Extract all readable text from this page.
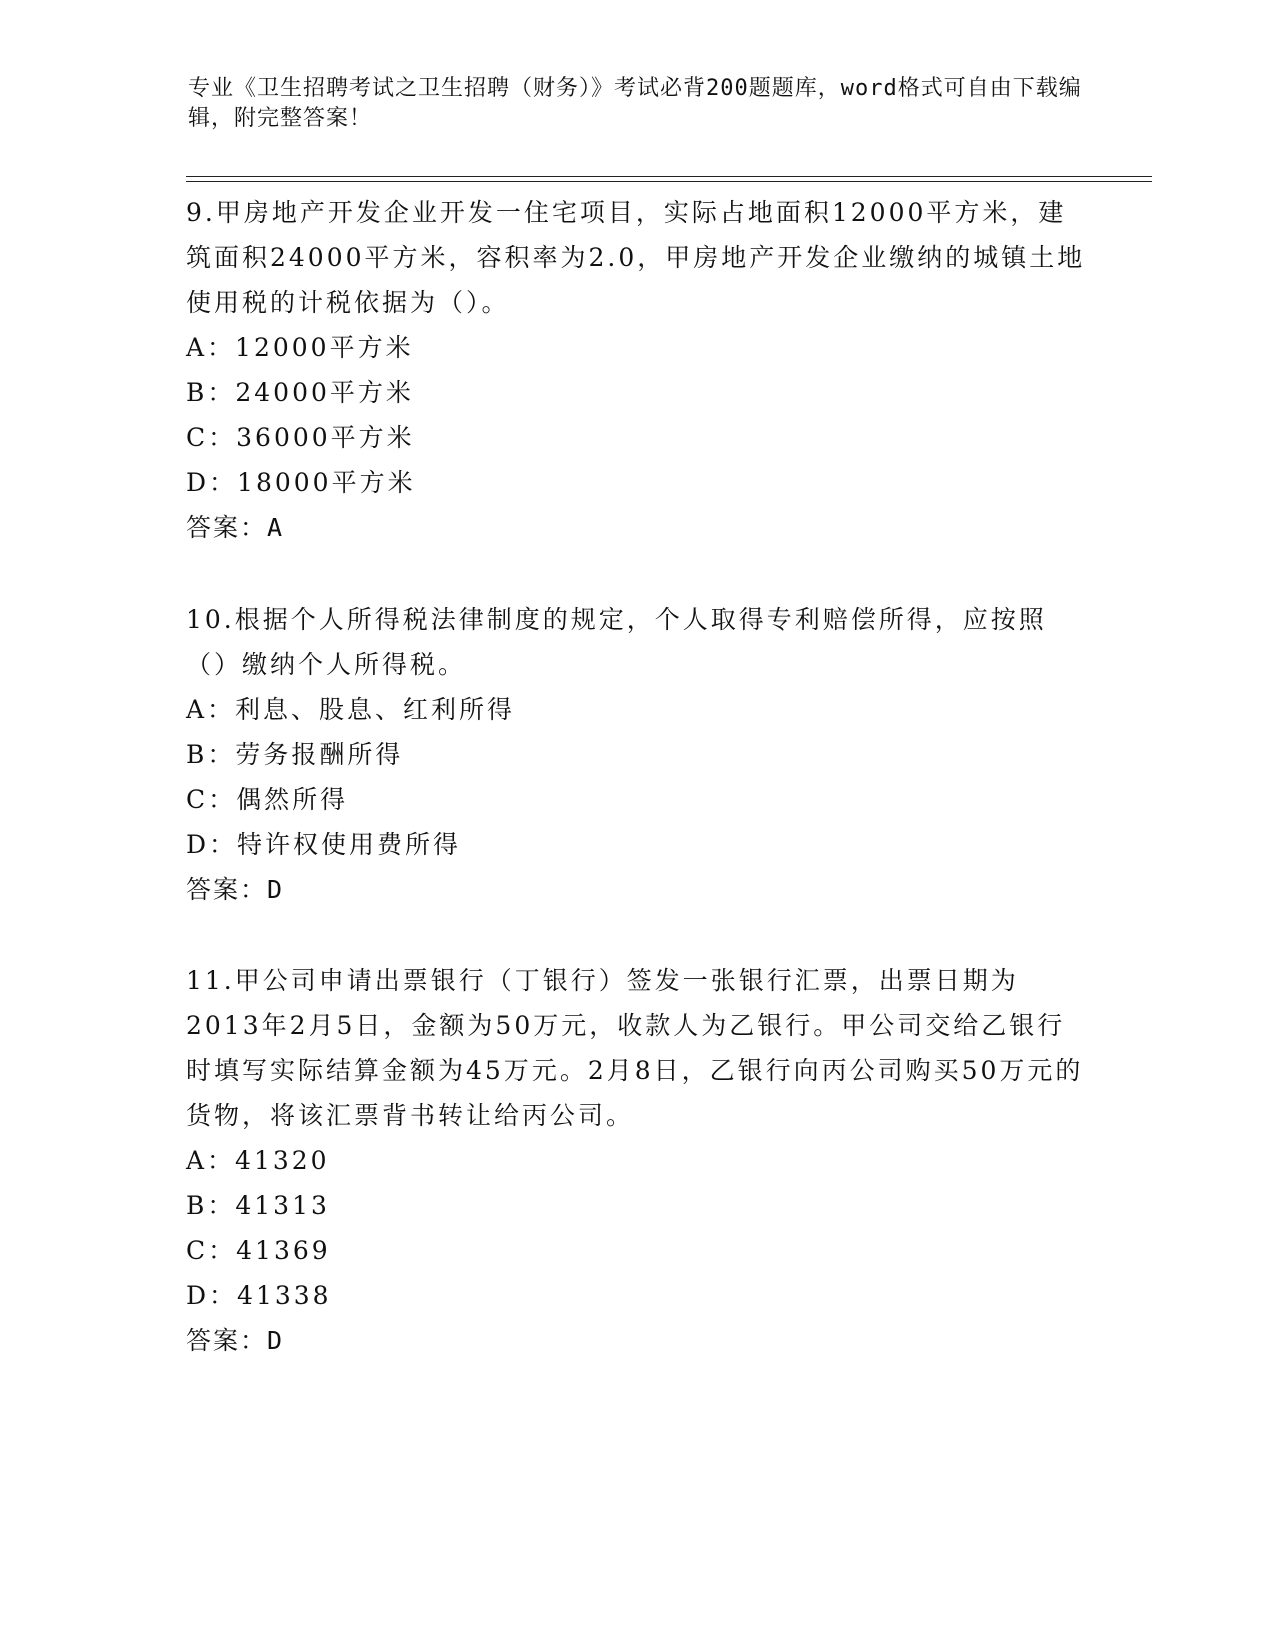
专业《卫生招聘考试之卫生招聘（财务）》考试必背200题题库，word格式可自由下载编辑，附完整答案！
9.甲房地产开发企业开发一住宅项目，实际占地面积12000平方米，建筑面积24000平方米，容积率为2.0，甲房地产开发企业缴纳的城镇土地使用税的计税依据为（）。
A：12000平方米
B：24000平方米
C：36000平方米
D：18000平方米
答案：A
10.根据个人所得税法律制度的规定，个人取得专利赔偿所得，应按照（）缴纳个人所得税。
A：利息、股息、红利所得
B：劳务报酬所得
C：偶然所得
D：特许权使用费所得
答案：D
11.甲公司申请出票银行（丁银行）签发一张银行汇票，出票日期为2013年2月5日，金额为50万元，收款人为乙银行。甲公司交给乙银行时填写实际结算金额为45万元。2月8日，乙银行向丙公司购买50万元的货物，将该汇票背书转让给丙公司。
A：41320
B：41313
C：41369
D：41338
答案：D
